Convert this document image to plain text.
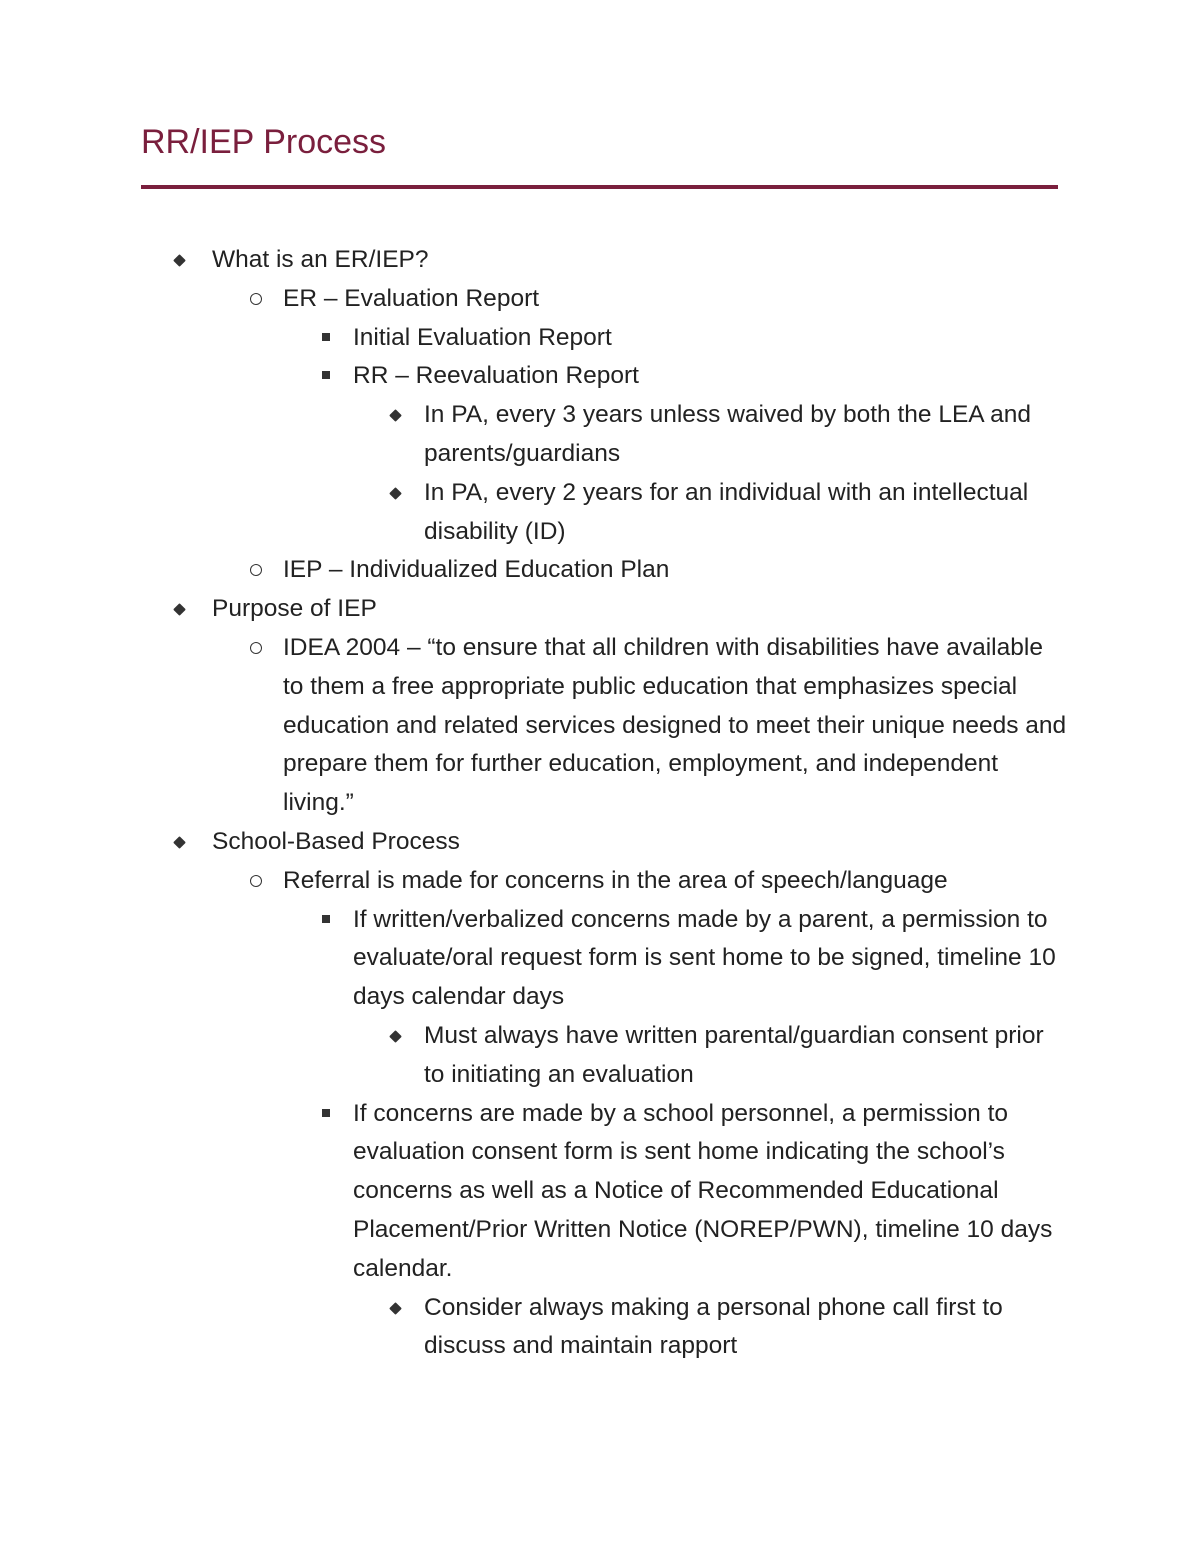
RR/IEP Process
What is an ER/IEP?
ER – Evaluation Report
Initial Evaluation Report
RR – Reevaluation Report
In PA, every 3 years unless waived by both the LEA and parents/guardians
In PA, every 2 years for an individual with an intellectual disability (ID)
IEP – Individualized Education Plan
Purpose of IEP
IDEA 2004 – “to ensure that all children with disabilities have available to them a free appropriate public education that emphasizes special education and related services designed to meet their unique needs and prepare them for further education, employment, and independent living.”
School-Based Process
Referral is made for concerns in the area of speech/language
If written/verbalized concerns made by a parent, a permission to evaluate/oral request form is sent home to be signed, timeline 10 days calendar days
Must always have written parental/guardian consent prior to initiating an evaluation
If concerns are made by a school personnel, a permission to evaluation consent form is sent home indicating the school’s concerns as well as a Notice of Recommended Educational Placement/Prior Written Notice (NOREP/PWN), timeline 10 days calendar.
Consider always making a personal phone call first to discuss and maintain rapport
